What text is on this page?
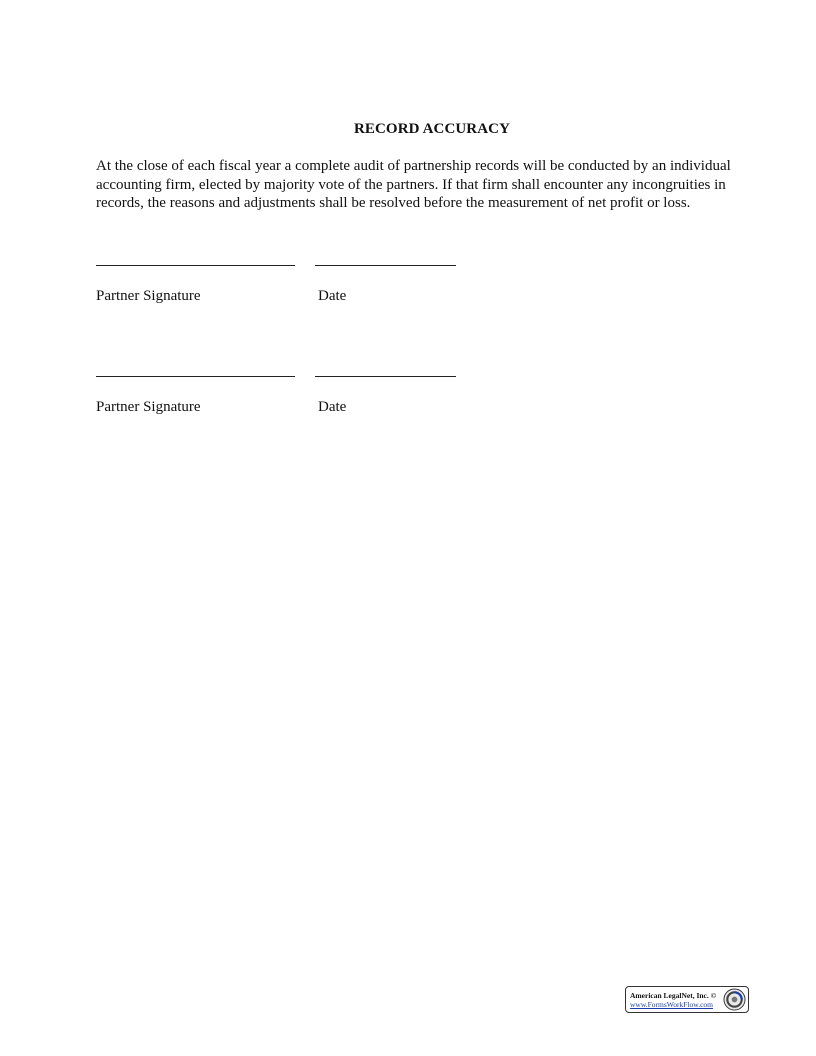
RECORD ACCURACY
At the close of each fiscal year a complete audit of partnership records will be conducted by an individual accounting firm, elected by majority vote of the partners. If that firm shall encounter any incongruities in records, the reasons and adjustments shall be resolved before the measurement of net profit or loss.
Partner Signature	Date
Partner Signature	Date
American LegalNet, Inc. ©
www.FormsWorkFlow.com
